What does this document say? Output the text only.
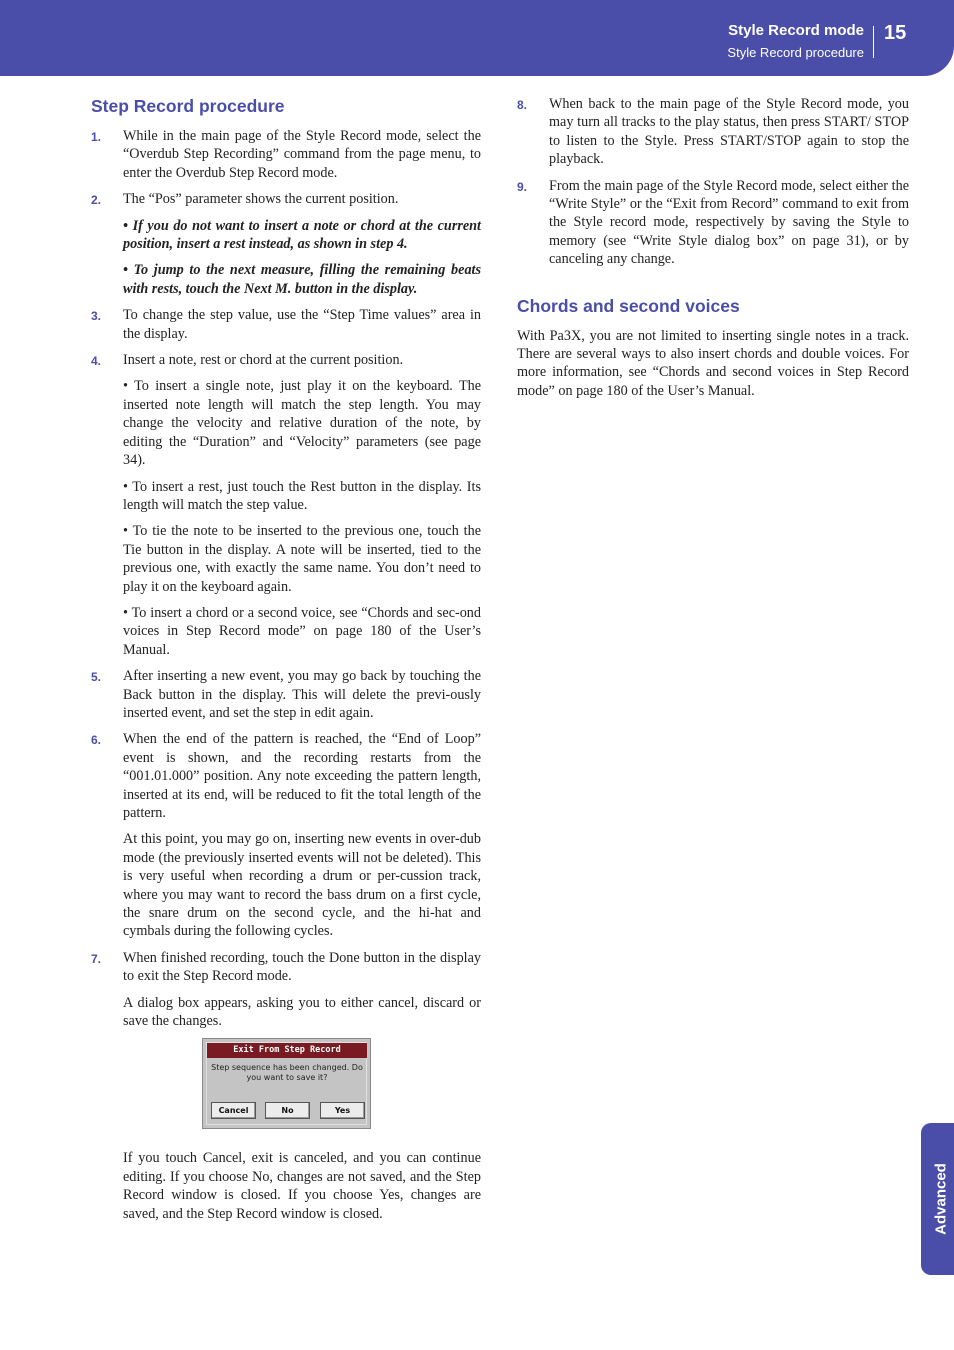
Style Record mode
Style Record procedure
15
Step Record procedure
1. While in the main page of the Style Record mode, select the “Overdub Step Recording” command from the page menu, to enter the Overdub Step Record mode.
2. The “Pos” parameter shows the current position.
• If you do not want to insert a note or chord at the current position, insert a rest instead, as shown in step 4.
• To jump to the next measure, filling the remaining beats with rests, touch the Next M. button in the display.
3. To change the step value, use the “Step Time values” area in the display.
4. Insert a note, rest or chord at the current position.
• To insert a single note, just play it on the keyboard. The inserted note length will match the step length. You may change the velocity and relative duration of the note, by editing the “Duration” and “Velocity” parameters (see page 34).
• To insert a rest, just touch the Rest button in the display. Its length will match the step value.
• To tie the note to be inserted to the previous one, touch the Tie button in the display. A note will be inserted, tied to the previous one, with exactly the same name. You don’t need to play it on the keyboard again.
• To insert a chord or a second voice, see “Chords and sec-ond voices in Step Record mode” on page 180 of the User’s Manual.
5. After inserting a new event, you may go back by touching the Back button in the display. This will delete the previ-ously inserted event, and set the step in edit again.
6. When the end of the pattern is reached, the “End of Loop” event is shown, and the recording restarts from the “001.01.000” position. Any note exceeding the pattern length, inserted at its end, will be reduced to fit the total length of the pattern.
At this point, you may go on, inserting new events in over-dub mode (the previously inserted events will not be deleted). This is very useful when recording a drum or per-cussion track, where you may want to record the bass drum on a first cycle, the snare drum on the second cycle, and the hi-hat and cymbals during the following cycles.
7. When finished recording, touch the Done button in the display to exit the Step Record mode.
A dialog box appears, asking you to either cancel, discard or save the changes.
Exit From Step Record
Step sequence has been changed. Do you want to save it?
Cancel	No	Yes
If you touch Cancel, exit is canceled, and you can continue editing. If you choose No, changes are not saved, and the Step Record window is closed. If you choose Yes, changes are saved, and the Step Record window is closed.
8. When back to the main page of the Style Record mode, you may turn all tracks to the play status, then press START/ STOP to listen to the Style. Press START/STOP again to stop the playback.
9. From the main page of the Style Record mode, select either the “Write Style” or the “Exit from Record” command to exit from the Style record mode, respectively by saving the Style to memory (see “Write Style dialog box” on page 31), or by canceling any change.
Chords and second voices
With Pa3X, you are not limited to inserting single notes in a track. There are several ways to also insert chords and double voices. For more information, see “Chords and second voices in Step Record mode” on page 180 of the User’s Manual.
Advanced
